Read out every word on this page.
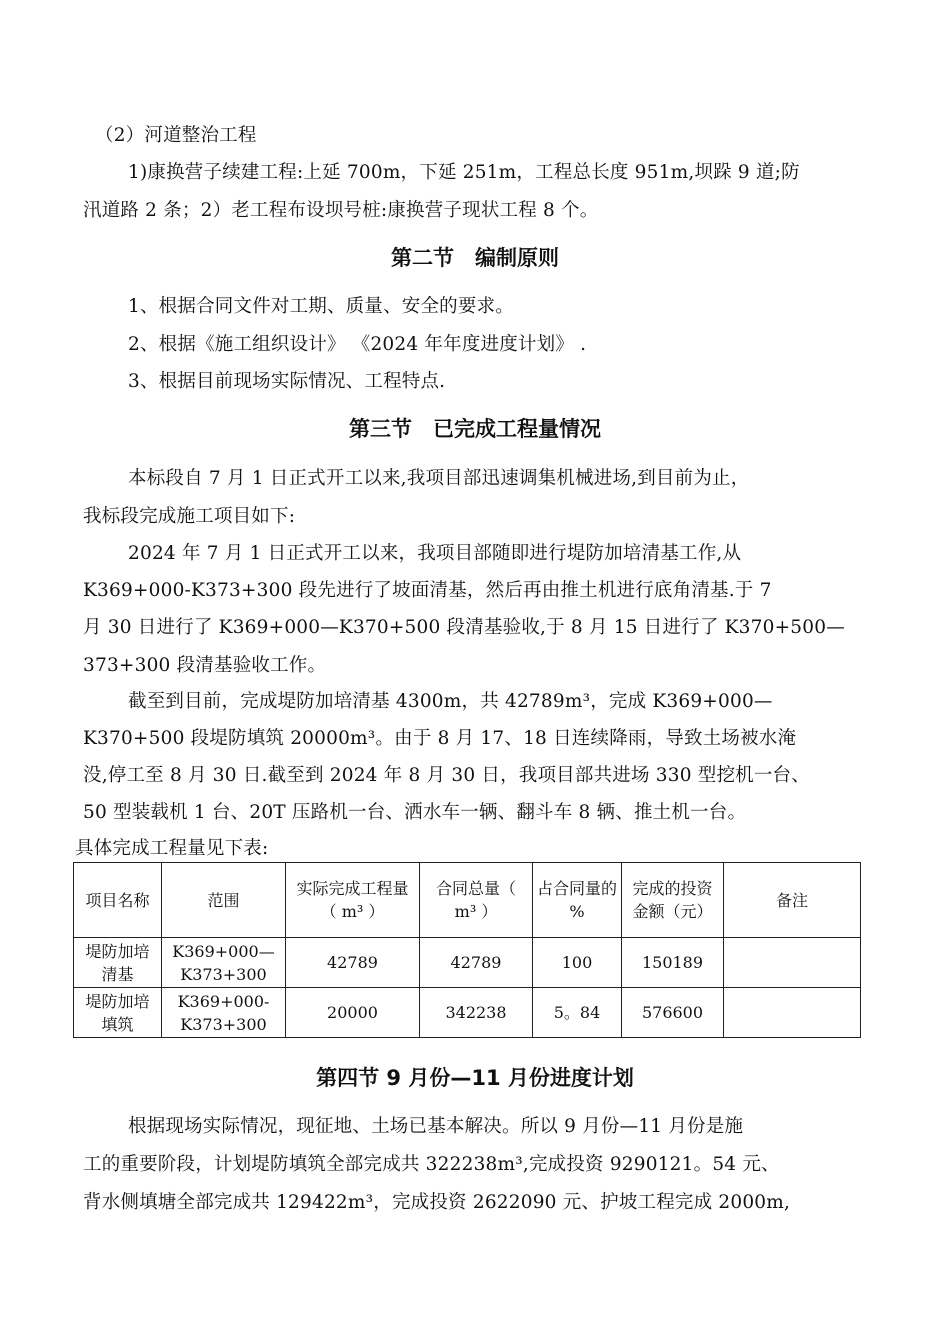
（2）河道整治工程
1)康换营子续建工程:上延 700m，下延 251m，工程总长度 951m,坝跺 9 道;防
汛道路 2 条；2）老工程布设坝号桩:康换营子现状工程 8 个。
第二节　编制原则
1、根据合同文件对工期、质量、安全的要求。
2、根据《施工组织设计》 《2024 年年度进度计划》 .
3、根据目前现场实际情况、工程特点.
第三节　已完成工程量情况
本标段自 7 月 1 日正式开工以来,我项目部迅速调集机械进场,到目前为止，
我标段完成施工项目如下:
2024 年 7 月 1 日正式开工以来，我项目部随即进行堤防加培清基工作,从
K369+000-K373+300 段先进行了坡面清基，然后再由推土机进行底角清基.于 7
月 30 日进行了 K369+000—K370+500 段清基验收,于 8 月 15 日进行了 K370+500—
373+300 段清基验收工作。
截至到目前，完成堤防加培清基 4300m，共 42789m³，完成 K369+000—
K370+500 段堤防填筑 20000m³。由于 8 月 17、18 日连续降雨，导致土场被水淹
没,停工至 8 月 30 日.截至到 2024 年 8 月 30 日，我项目部共进场 330 型挖机一台、
50 型装载机 1 台、20T 压路机一台、洒水车一辆、翻斗车 8 辆、推土机一台。
具体完成工程量见下表:
项目名称	范围	实际完成工程量（ m³ ）	合同总量（ m³ ）	占合同量的 %	完成的投资金额（元）	备注
堤防加培清基	K369+000—K373+300	42789	42789	100	150189	
堤防加培填筑	K369+000-K373+300	20000	342238	5。84	576600	
第四节 9 月份—11 月份进度计划
根据现场实际情况，现征地、土场已基本解决。所以 9 月份—11 月份是施
工的重要阶段，计划堤防填筑全部完成共 322238m³,完成投资 9290121。54 元、
背水侧填塘全部完成共 129422m³，完成投资 2622090 元、护坡工程完成 2000m,
